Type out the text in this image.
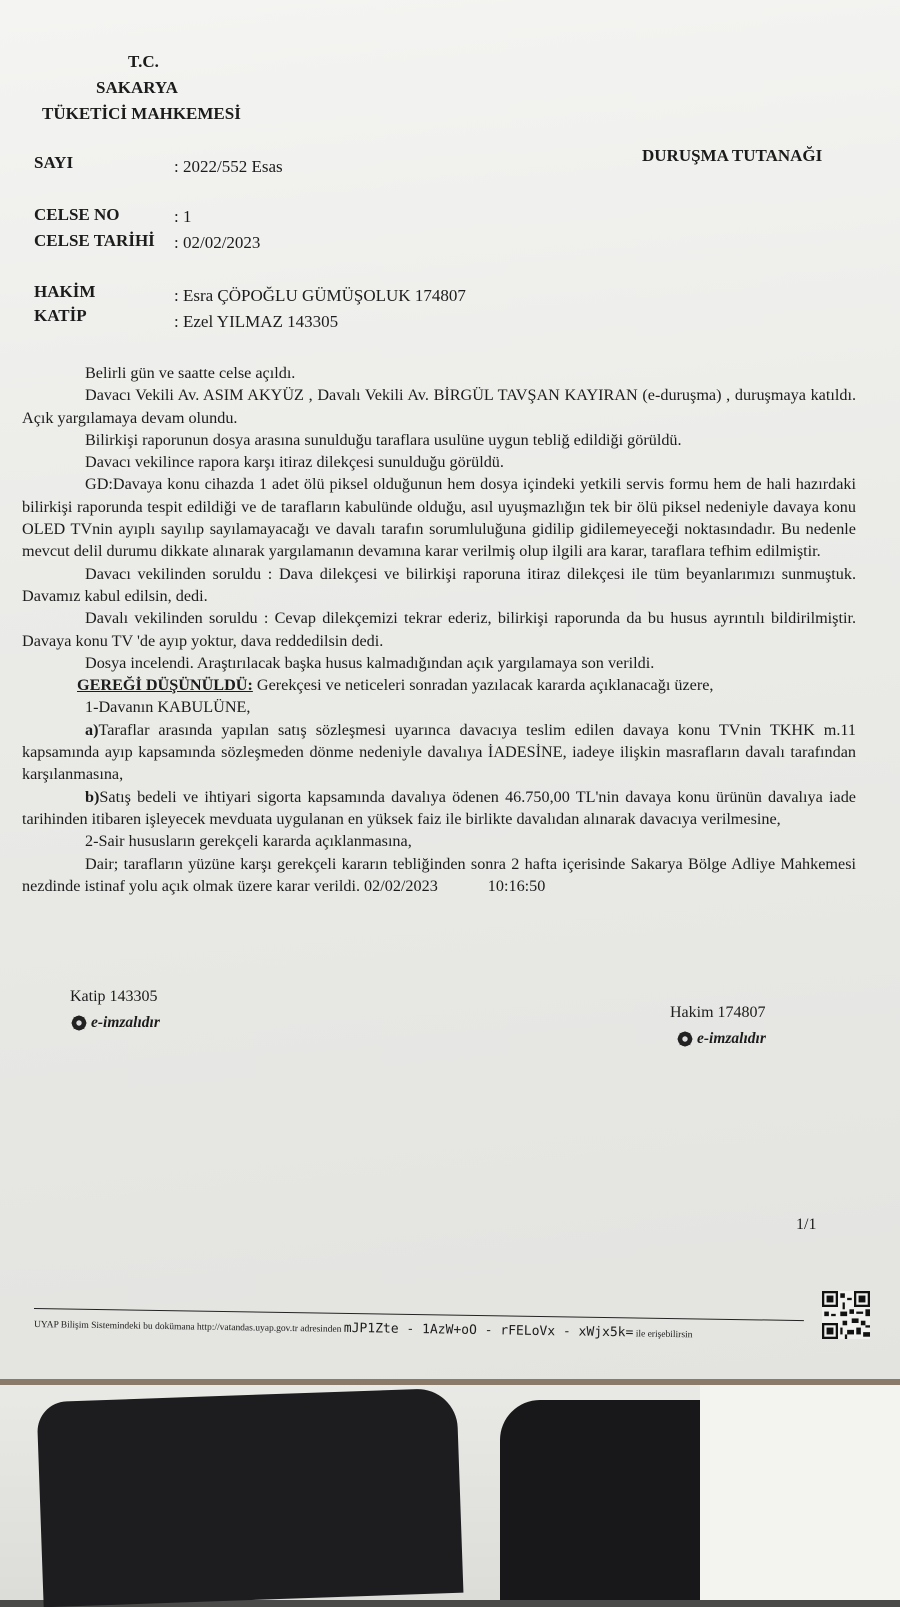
T.C.
SAKARYA
TÜKETİCİ MAHKEMESİ
DURUŞMA TUTANAĞI
SAYI	: 2022/552 Esas
CELSE NO	: 1
CELSE TARİHİ : 02/02/2023
HAKİM	: Esra ÇÖPOĞLU GÜMÜŞOLUK 174807
KATİP	: Ezel YILMAZ 143305

Belirli gün ve saatte celse açıldı.

Davacı Vekili Av. ASIM AKYÜZ , Davalı Vekili Av. BİRGÜL TAVŞAN KAYIRAN (e-duruşma) , duruşmaya katıldı. Açık yargılamaya devam olundu.

Bilirkişi raporunun dosya arasına sunulduğu taraflara usulüne uygun tebliğ edildiği görüldü.

Davacı vekilince rapora karşı itiraz dilekçesi sunulduğu görüldü.

GD:Davaya konu cihazda 1 adet ölü piksel olduğunun hem dosya içindeki yetkili servis formu hem de hali hazırdaki bilirkişi raporunda tespit edildiği ve de tarafların kabulünde olduğu, asıl uyuşmazlığın tek bir ölü piksel nedeniyle davaya konu OLED TVnin ayıplı sayılıp sayılamayacağı ve davalı tarafın sorumluluğuna gidilip gidilemeyeceği noktasındadır. Bu nedenle mevcut delil durumu dikkate alınarak yargılamanın devamına karar verilmiş olup ilgili ara karar, taraflara tefhim edilmiştir.

Davacı vekilinden soruldu : Dava dilekçesi ve bilirkişi raporuna itiraz dilekçesi ile tüm beyanlarımızı sunmuştuk. Davamız kabul edilsin, dedi.

Davalı vekilinden soruldu : Cevap dilekçemizi tekrar ederiz, bilirkişi raporunda da bu husus ayrıntılı bildirilmiştir. Davaya konu TV 'de ayıp yoktur, dava reddedilsin dedi.

Dosya incelendi. Araştırılacak başka husus kalmadığından açık yargılamaya son verildi.

GEREĞİ DÜŞÜNÜLDÜ: Gerekçesi ve neticeleri sonradan yazılacak kararda açıklanacağı üzere,

1-Davanın KABULÜNE,

a)Taraflar arasında yapılan satış sözleşmesi uyarınca davacıya teslim edilen davaya konu TVnin TKHK m.11 kapsamında ayıp kapsamında sözleşmeden dönme nedeniyle davalıya İADESİNE, iadeye ilişkin masrafların davalı tarafından karşılanmasına,

b)Satış bedeli ve ihtiyari sigorta kapsamında davalıya ödenen 46.750,00 TL'nin davaya konu ürünün davalıya iade tarihinden itibaren işleyecek mevduata uygulanan en yüksek faiz ile birlikte davalıdan alınarak davacıya verilmesine,

2-Sair hususların gerekçeli kararda açıklanmasına,

Dair; tarafların yüzüne karşı gerekçeli kararın tebliğinden sonra 2 hafta içerisinde Sakarya Bölge Adliye Mahkemesi nezdinde istinaf yolu açık olmak üzere karar verildi. 02/02/2023	10:16:50

Katip 143305
e-imzalıdır
Hakim 174807
e-imzalıdır
1/1
UYAP Bilişim Sistemindeki bu dokümana http://vatandas.uyap.gov.tr adresinden mJP1Zte - 1AzW+oO - rFELoVx - xWjx5k= ile erişebilirsin
